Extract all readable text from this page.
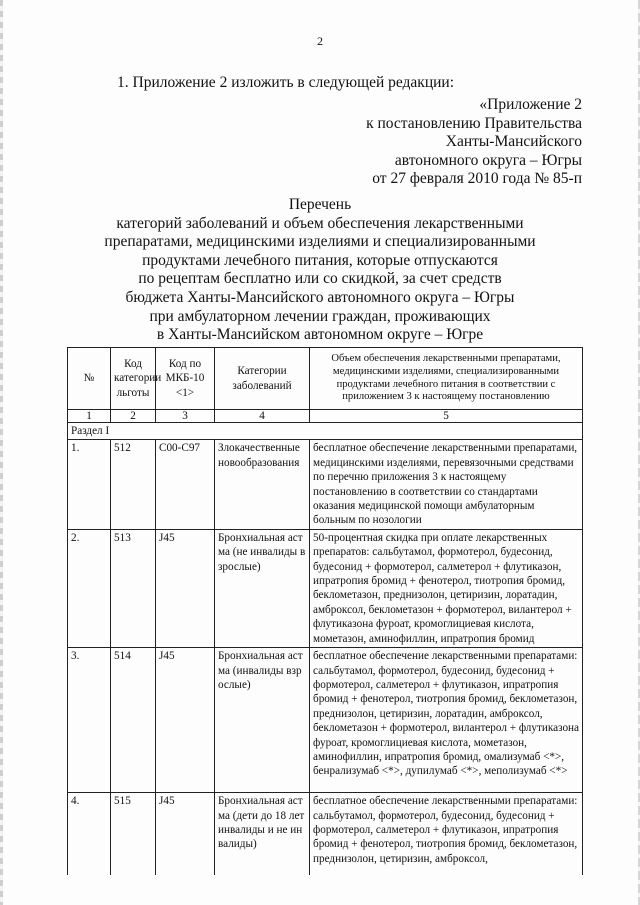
2
1. Приложение 2 изложить в следующей редакции:
«Приложение 2
к постановлению Правительства
Ханты-Мансийского
автономного округа – Югры
от 27 февраля 2010 года № 85-п
Перечень
категорий заболеваний и объем обеспечения лекарственными
препаратами, медицинскими изделиями и специализированными
продуктами лечебного питания, которые отпускаются
по рецептам бесплатно или со скидкой, за счет средств
бюджета Ханты-Мансийского автономного округа – Югры
при амбулаторном лечении граждан, проживающих
в Ханты-Мансийском автономном округе – Югре
№	Код категории льготы	Код по МКБ-10 <1>	Категории заболеваний	Объем обеспечения лекарственными препаратами, медицинскими изделиями, специализированными продуктами лечебного питания в соответствии с приложением 3 к настоящему постановлению
1	2	3	4	5
Раздел I				
1.	512	C00-C97	Злокачественные новообразования	бесплатное обеспечение лекарственными препаратами, медицинскими изделиями, перевязочными средствами по перечню приложения 3 к настоящему постановлению в соответствии со стандартами оказания медицинской помощи амбулаторным больным по нозологии
2.	513	J45	Бронхиальная астма (не инвалиды взрослые)	50-процентная скидка при оплате лекарственных препаратов: сальбутамол, формотерол, будесонид, будесонид + формотерол, салметерол + флутиказон, ипратропия бромид + фенотерол, тиотропия бромид, беклометазон, преднизолон, цетиризин, лоратадин, амброксол, беклометазон + формотерол, вилантерол + флутиказона фуроат, кромоглициевая кислота, мометазон, аминофиллин, ипратропия бромид
3.	514	J45	Бронхиальная астма (инвалиды взрослые)	бесплатное обеспечение лекарственными препаратами: сальбутамол, формотерол, будесонид, будесонид + формотерол, салметерол + флутиказон, ипратропия бромид + фенотерол, тиотропия бромид, беклометазон, преднизолон, цетиризин, лоратадин, амброксол, беклометазон + формотерол, вилантерол + флутиказона фуроат, кромоглициевая кислота, мометазон, аминофиллин, ипратропия бромид, омализумаб <*>, бенрализумаб <*>, дупилумаб <*>, меполизумаб <*>
4.	515	J45	Бронхиальная астма (дети до 18 лет инвалиды и не инвалиды)	бесплатное обеспечение лекарственными препаратами: сальбутамол, формотерол, будесонид, будесонид + формотерол, салметерол + флутиказон, ипратропия бромид + фенотерол, тиотропия бромид, беклометазон, преднизолон, цетиризин, амброксол,
